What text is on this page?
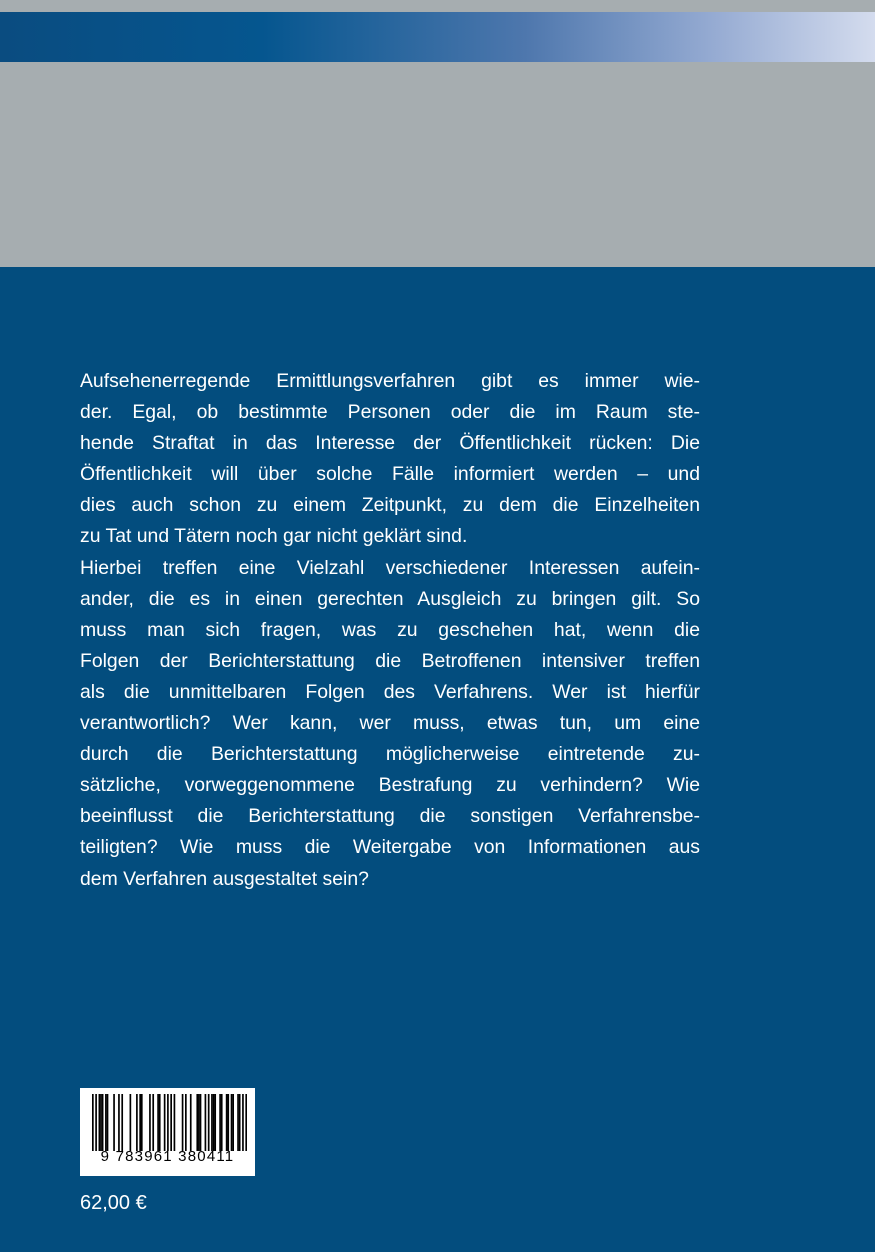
Aufsehenerregende Ermittlungsverfahren gibt es immer wie-

der. Egal, ob bestimmte Personen oder die im Raum ste-

hende Straftat in das Interesse der Öffentlichkeit rücken: Die

Öffentlichkeit will über solche Fälle informiert werden – und

dies auch schon zu einem Zeitpunkt, zu dem die Einzelheiten

zu Tat und Tätern noch gar nicht geklärt sind.

Hierbei treffen eine Vielzahl verschiedener Interessen aufein-

ander, die es in einen gerechten Ausgleich zu bringen gilt. So

muss man sich fragen, was zu geschehen hat, wenn die

Folgen der Berichterstattung die Betroffenen intensiver treffen

als die unmittelbaren Folgen des Verfahrens. Wer ist hierfür

verantwortlich? Wer kann, wer muss, etwas tun, um eine

durch die Berichterstattung möglicherweise eintretende zu-

sätzliche, vorweggenommene Bestrafung zu verhindern? Wie

beeinflusst die Berichterstattung die sonstigen Verfahrensbe-

teiligten? Wie muss die Weitergabe von Informationen aus

dem Verfahren ausgestaltet sein?

9 783961 380411
62,00 €
